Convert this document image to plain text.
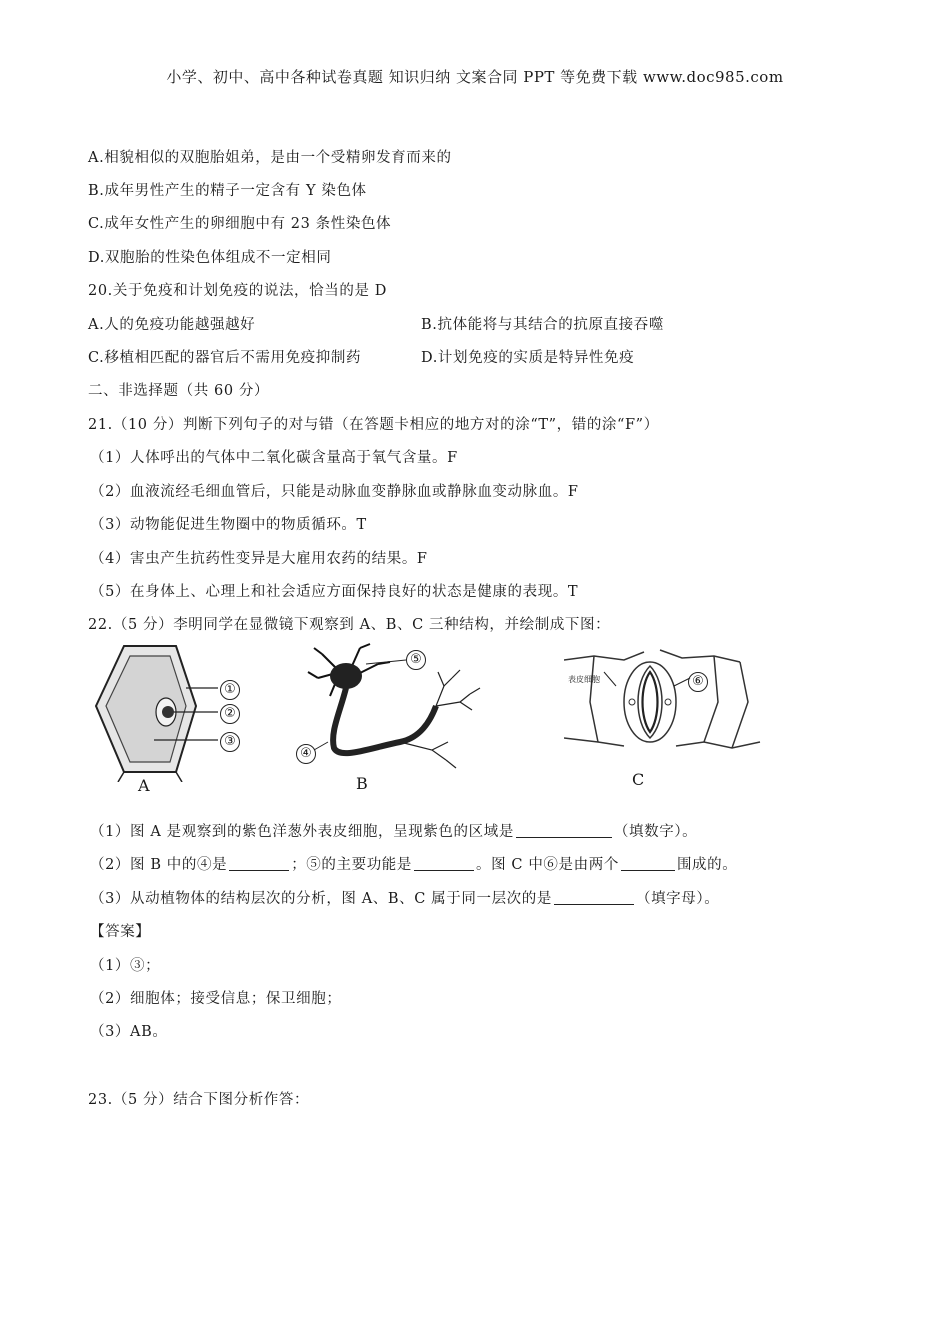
小学、初中、高中各种试卷真题 知识归纳 文案合同 PPT 等免费下载 www.doc985.com
A.相貌相似的双胞胎姐弟，是由一个受精卵发育而来的
B.成年男性产生的精子一定含有 Y 染色体
C.成年女性产生的卵细胞中有 23 条性染色体
D.双胞胎的性染色体组成不一定相同
20.关于免疫和计划免疫的说法，恰当的是 D
A.人的免疫功能越强越好	B.抗体能将与其结合的抗原直接吞噬
C.移植相匹配的器官后不需用免疫抑制药	D.计划免疫的实质是特异性免疫
二、非选择题（共 60 分）
21.（10 分）判断下列句子的对与错（在答题卡相应的地方对的涂“T”，错的涂“F”）
（1）人体呼出的气体中二氧化碳含量高于氧气含量。F
（2）血液流经毛细血管后，只能是动脉血变静脉血或静脉血变动脉血。F
（3）动物能促进生物圈中的物质循环。T
（4）害虫产生抗药性变异是大雇用农药的结果。F
（5）在身体上、心理上和社会适应方面保持良好的状态是健康的表现。T
22.（5 分）李明同学在显微镜下观察到 A、B、C 三种结构，并绘制成下图：
①
②
③
A
⑤
④
B
表皮细胞	⑥
C
（1）图 A 是观察到的紫色洋葱外表皮细胞，呈现紫色的区域是	（填数字）。
（2）图 B 中的④是	；⑤的主要功能是	。图 C 中⑥是由两个	围成的。
（3）从动植物体的结构层次的分析，图 A、B、C 属于同一层次的是	（填字母）。
【答案】
（1）③；
（2）细胞体；接受信息；保卫细胞；
（3）AB。
23.（5 分）结合下图分析作答：
